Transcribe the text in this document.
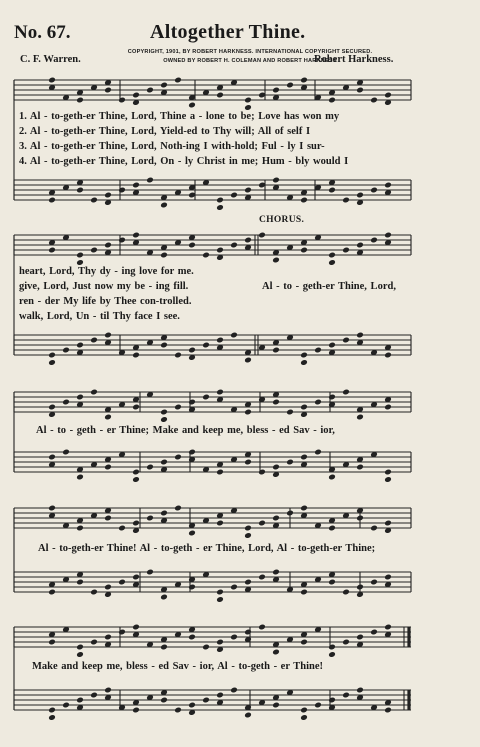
No. 67.	Altogether Thine.
COPYRIGHT, 1901, BY ROBERT HARKNESS. INTERNATIONAL COPYRIGHT SECURED.
OWNED BY ROBERT H. COLEMAN AND ROBERT HARKNESS
C. F. Warren.	Robert Harkness.
1. Al - to-geth-er Thine, Lord, Thine a - lone to be; Love has won my
2. Al - to-geth-er Thine, Lord, Yield-ed to Thy will; All of self I
3. Al - to-geth-er Thine, Lord, Noth-ing I with-hold; Ful - ly I sur-
4. Al - to-geth-er Thine, Lord, On - ly Christ in me; Hum - bly would I
CHORUS.
heart, Lord, Thy dy - ing love for me.
give, Lord, Just now my be - ing fill.	Al - to - geth-er Thine, Lord,
ren - der My life by Thee con-trolled.
walk, Lord, Un - til Thy face I see.
Al - to - geth - er Thine; Make and keep me, bless - ed Sav - ior,
Al - to-geth-er Thine! Al - to-geth - er Thine, Lord, Al - to-geth-er Thine;
Make and keep me, bless - ed Sav - ior, Al - to-geth - er Thine!
